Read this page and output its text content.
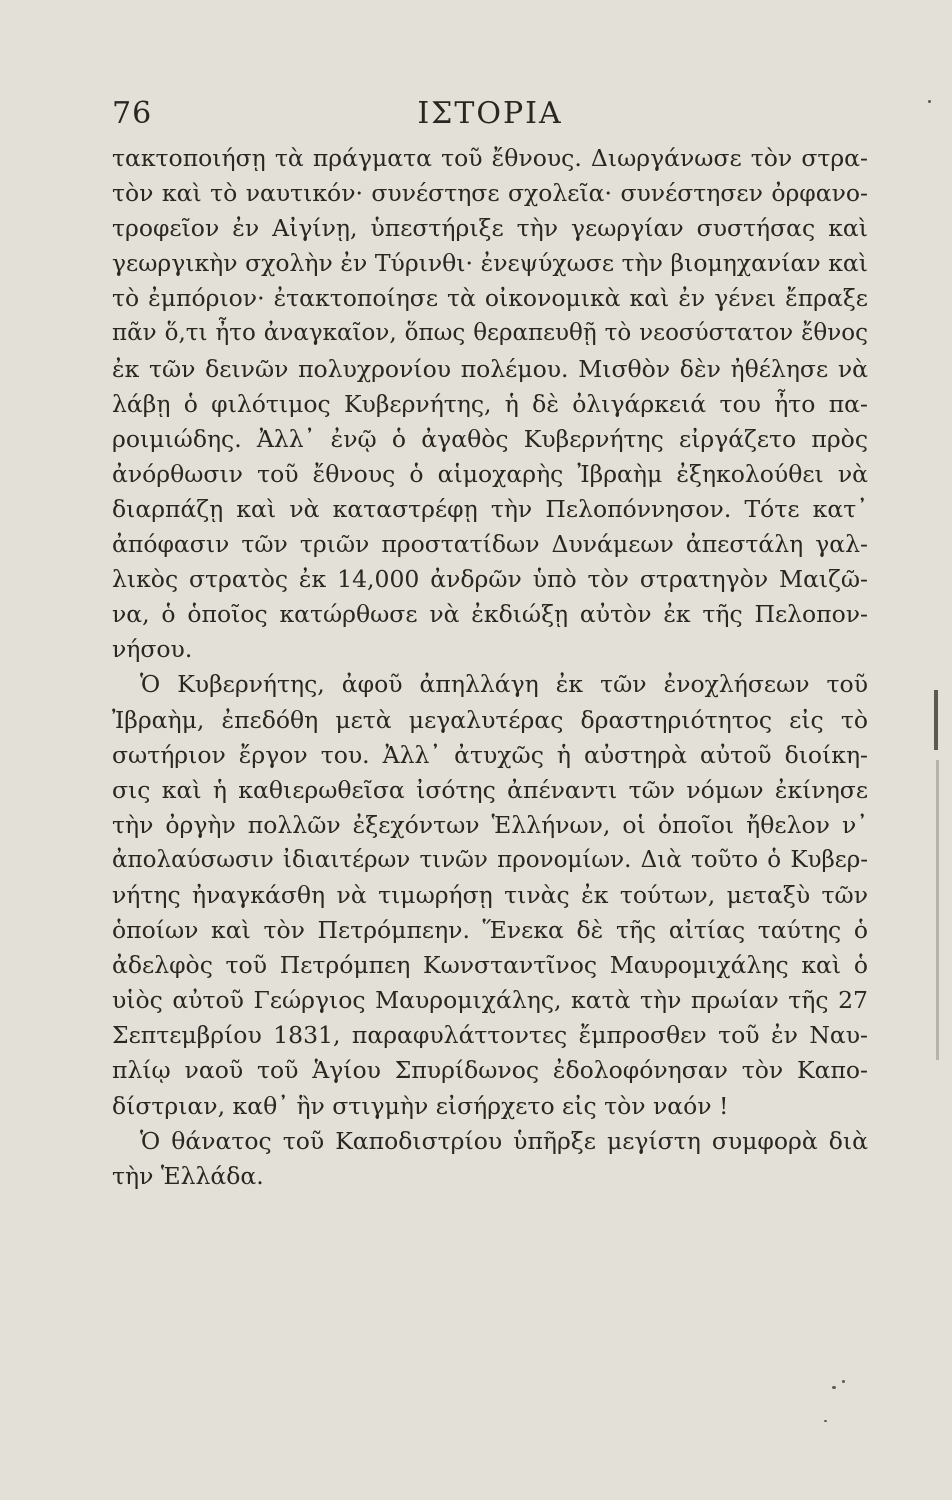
76	ΙΣΤΟΡΙΑ
τακτοποιήσῃ τὰ πράγματα τοῦ ἔθνους. Διωργάνωσε τὸν στρα-
τὸν καὶ τὸ ναυτικόν· συνέστησε σχολεῖα· συνέστησεν ὀρφανο-
τροφεῖον ἐν Αἰγίνῃ, ὑπεστήριξε τὴν γεωργίαν συστήσας καὶ
γεωργικὴν σχολὴν ἐν Τύρινθι· ἐνεψύχωσε τὴν βιομηχανίαν καὶ
τὸ ἐμπόριον· ἐτακτοποίησε τὰ οἰκονομικὰ καὶ ἐν γένει ἔπραξε
πᾶν ὅ,τι ἦτο ἀναγκαῖον, ὅπως θεραπευθῇ τὸ νεοσύστατον ἔθνος
ἐκ τῶν δεινῶν πολυχρονίου πολέμου. Μισθὸν δὲν ἠθέλησε νὰ
λάβῃ ὁ φιλότιμος Κυβερνήτης, ἡ δὲ ὀλιγάρκειά του ἦτο πα-
ροιμιώδης. Ἀλλ᾽ ἐνῷ ὁ ἀγαθὸς Κυβερνήτης εἰργάζετο πρὸς
ἀνόρθωσιν τοῦ ἔθνους ὁ αἱμοχαρὴς Ἰβραὴμ ἐξηκολούθει νὰ
διαρπάζῃ καὶ νὰ καταστρέφῃ τὴν Πελοπόννησον. Τότε κατ᾽
ἀπόφασιν τῶν τριῶν προστατίδων Δυνάμεων ἀπεστάλη γαλ-
λικὸς στρατὸς ἐκ 14,000 ἀνδρῶν ὑπὸ τὸν στρατηγὸν Μαιζῶ-
να, ὁ ὁποῖος κατώρθωσε νὰ ἐκδιώξῃ αὐτὸν ἐκ τῆς Πελοπον-
νήσου.
Ὁ Κυβερνήτης, ἀφοῦ ἀπηλλάγη ἐκ τῶν ἐνοχλήσεων τοῦ
Ἰβραὴμ, ἐπεδόθη μετὰ μεγαλυτέρας δραστηριότητος εἰς τὸ
σωτήριον ἔργον του. Ἀλλ᾽ ἀτυχῶς ἡ αὐστηρὰ αὐτοῦ διοίκη-
σις καὶ ἡ καθιερωθεῖσα ἰσότης ἀπέναντι τῶν νόμων ἐκίνησε
τὴν ὀργὴν πολλῶν ἐξεχόντων Ἑλλήνων, οἱ ὁποῖοι ἤθελον ν᾽
ἀπολαύσωσιν ἰδιαιτέρων τινῶν προνομίων. Διὰ τοῦτο ὁ Κυβερ-
νήτης ἠναγκάσθη νὰ τιμωρήσῃ τινὰς ἐκ τούτων, μεταξὺ τῶν
ὁποίων καὶ τὸν Πετρόμπεην. Ἕνεκα δὲ τῆς αἰτίας ταύτης ὁ
ἀδελφὸς τοῦ Πετρόμπεη Κωνσταντῖνος Μαυρομιχάλης καὶ ὁ
υἱὸς αὐτοῦ Γεώργιος Μαυρομιχάλης, κατὰ τὴν πρωίαν τῆς 27
Σεπτεμβρίου 1831, παραφυλάττοντες ἔμπροσθεν τοῦ ἐν Ναυ-
πλίῳ ναοῦ τοῦ Ἁγίου Σπυρίδωνος ἐδολοφόνησαν τὸν Καπο-
δίστριαν, καθ᾽ ἣν στιγμὴν εἰσήρχετο εἰς τὸν ναόν !
Ὁ θάνατος τοῦ Καποδιστρίου ὑπῆρξε μεγίστη συμφορὰ διὰ
τὴν Ἑλλάδα.
